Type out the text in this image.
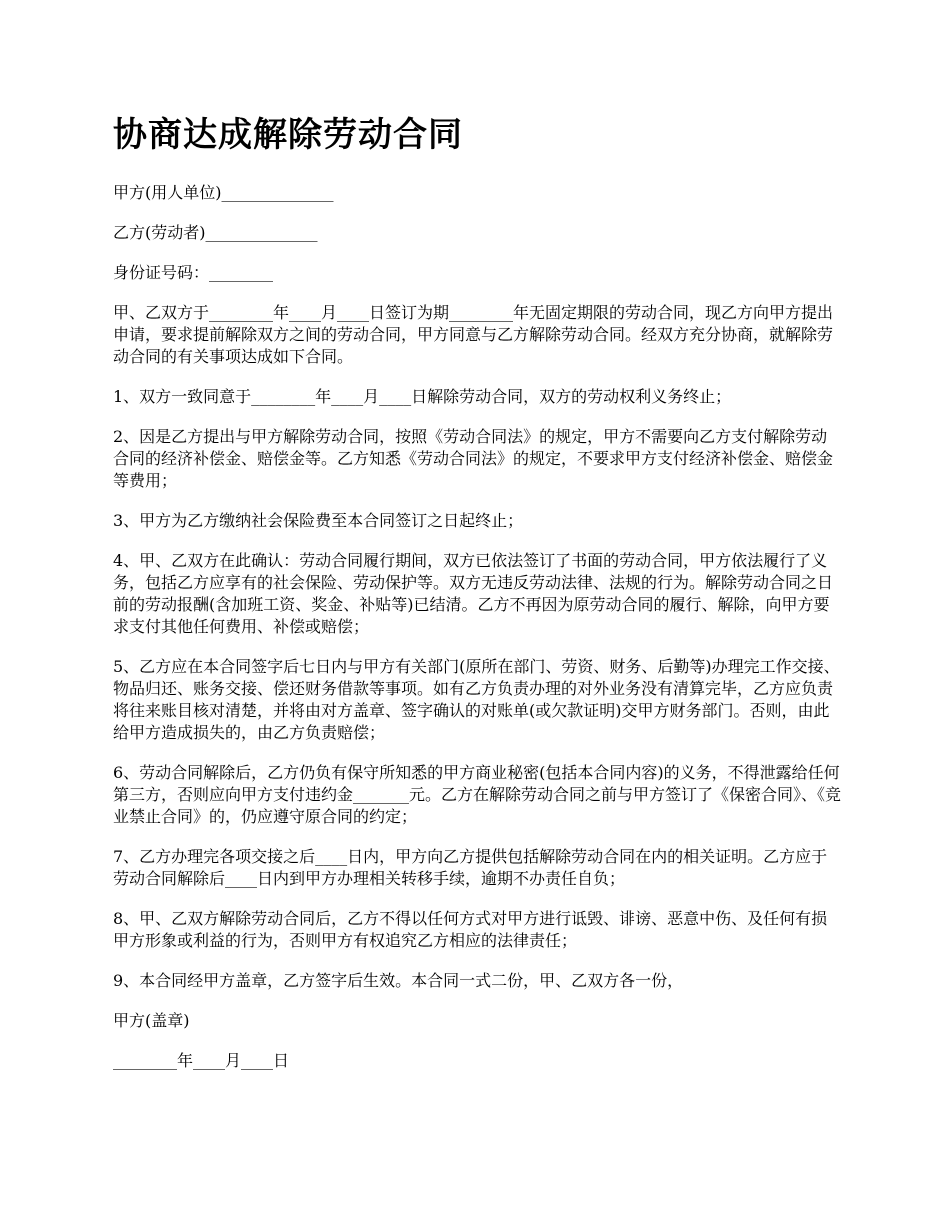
协商达成解除劳动合同

甲方(用人单位)______________

乙方(劳动者)______________

身份证号码：________

甲、乙双方于________年____月____日签订为期________年无固定期限的劳动合同，现乙方向甲方提出申请，要求提前解除双方之间的劳动合同，甲方同意与乙方解除劳动合同。经双方充分协商，就解除劳动合同的有关事项达成如下合同。

1、双方一致同意于________年____月____日解除劳动合同，双方的劳动权利义务终止；

2、因是乙方提出与甲方解除劳动合同，按照《劳动合同法》的规定，甲方不需要向乙方支付解除劳动合同的经济补偿金、赔偿金等。乙方知悉《劳动合同法》的规定，不要求甲方支付经济补偿金、赔偿金等费用；

3、甲方为乙方缴纳社会保险费至本合同签订之日起终止；

4、甲、乙双方在此确认：劳动合同履行期间，双方已依法签订了书面的劳动合同，甲方依法履行了义务，包括乙方应享有的社会保险、劳动保护等。双方无违反劳动法律、法规的行为。解除劳动合同之日前的劳动报酬(含加班工资、奖金、补贴等)已结清。乙方不再因为原劳动合同的履行、解除，向甲方要求支付其他任何费用、补偿或赔偿；

5、乙方应在本合同签字后七日内与甲方有关部门(原所在部门、劳资、财务、后勤等)办理完工作交接、物品归还、账务交接、偿还财务借款等事项。如有乙方负责办理的对外业务没有清算完毕，乙方应负责将往来账目核对清楚，并将由对方盖章、签字确认的对账单(或欠款证明)交甲方财务部门。否则，由此给甲方造成损失的，由乙方负责赔偿；

6、劳动合同解除后，乙方仍负有保守所知悉的甲方商业秘密(包括本合同内容)的义务，不得泄露给任何第三方，否则应向甲方支付违约金_______元。乙方在解除劳动合同之前与甲方签订了《保密合同》、《竞业禁止合同》的，仍应遵守原合同的约定；

7、乙方办理完各项交接之后____日内，甲方向乙方提供包括解除劳动合同在内的相关证明。乙方应于劳动合同解除后____日内到甲方办理相关转移手续，逾期不办责任自负；

8、甲、乙双方解除劳动合同后，乙方不得以任何方式对甲方进行诋毁、诽谤、恶意中伤、及任何有损甲方形象或利益的行为，否则甲方有权追究乙方相应的法律责任；

9、本合同经甲方盖章，乙方签字后生效。本合同一式二份，甲、乙双方各一份，

甲方(盖章)

________年____月____日
